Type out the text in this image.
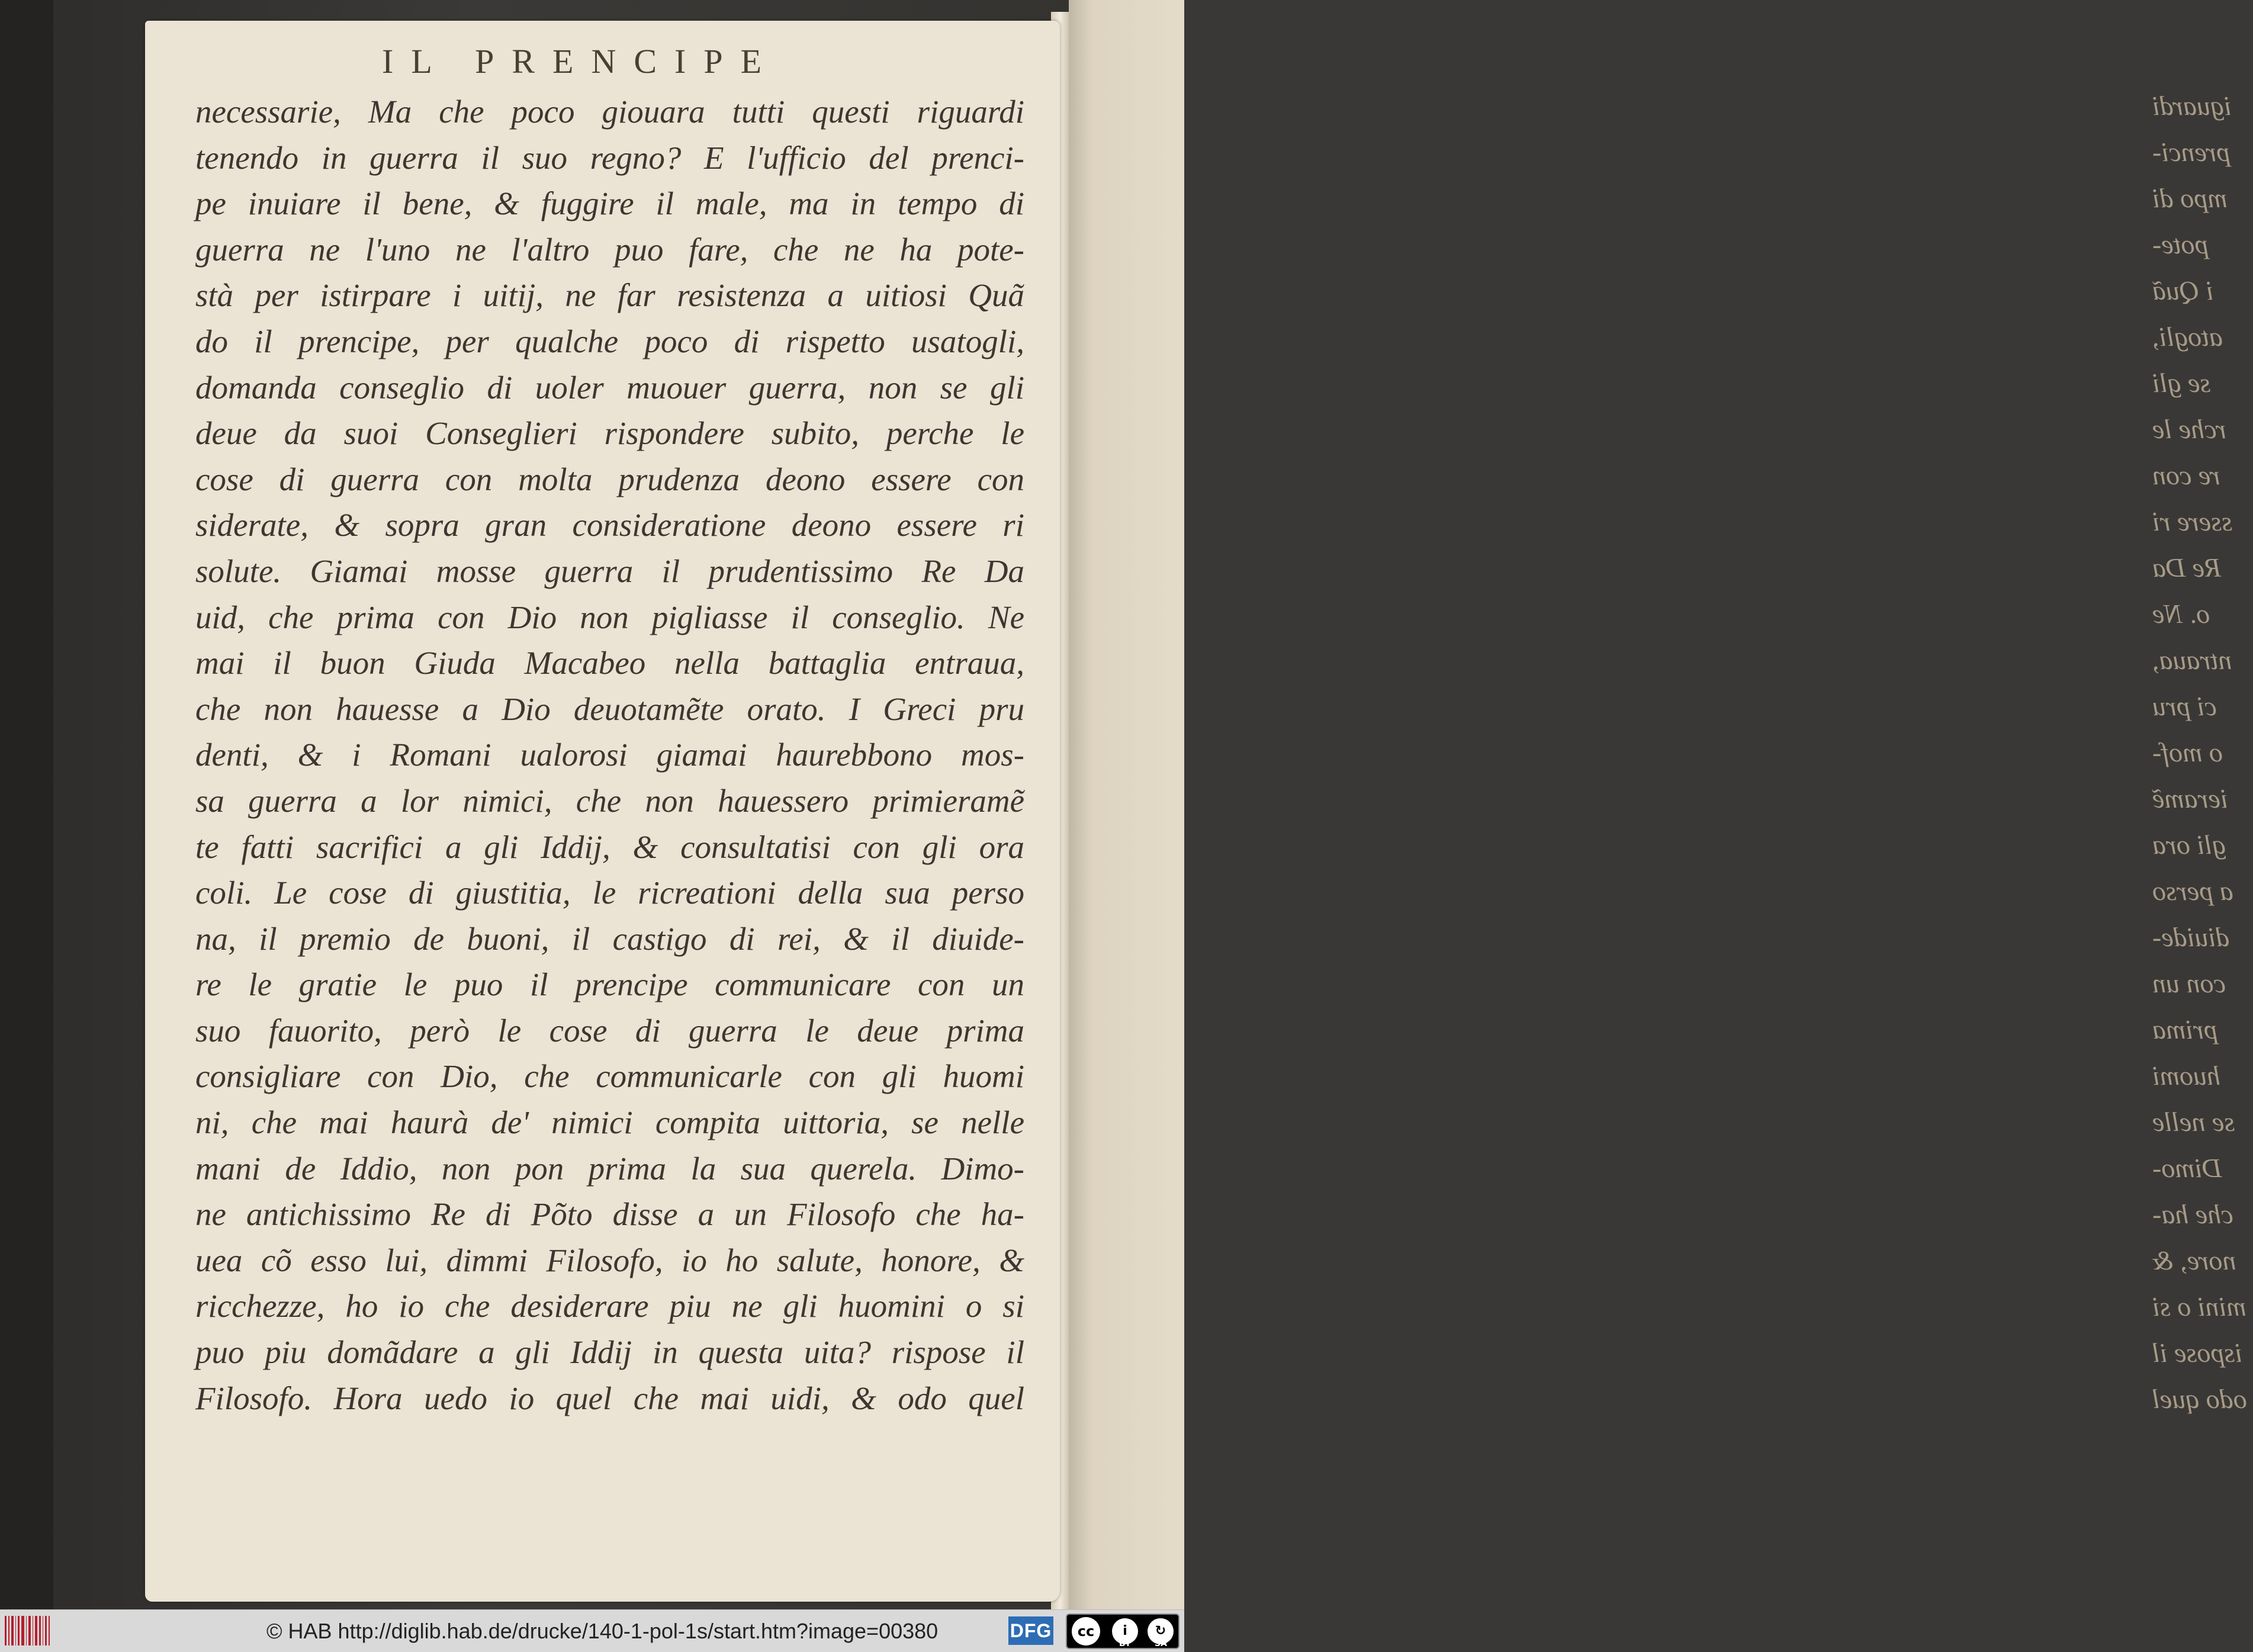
iguardi
prenci-
mpo di
pote-
i Quã
atogli,
se gli
rche le
re con
ssere ri
Re Da
o. Ne
ntraua,
ci pru
o mof-
ieramẽ
gli ora
a perso
diuide-
con un
prima
huomi
se nelle
Dimo-
che ha-
nore, &
mini o si
ispose il
odo quel
IL PRENCIPE
necessarie, Ma che poco giouara tutti questi riguardi
tenendo in guerra il suo regno? E l'ufficio del prenci-
pe inuiare il bene, & fuggire il male, ma in tempo di
guerra ne l'uno ne l'altro puo fare, che ne ha pote-
stà per istirpare i uitij, ne far resistenza a uitiosi Quã
do il prencipe, per qualche poco di rispetto usatogli,
domanda conseglio di uoler muouer guerra, non se gli
deue da suoi Conseglieri rispondere subito, perche le
cose di guerra con molta prudenza deono essere con
siderate, & sopra gran consideratione deono essere ri
solute. Giamai mosse guerra il prudentissimo Re Da
uid, che prima con Dio non pigliasse il conseglio. Ne
mai il buon Giuda Macabeo nella battaglia entraua,
che non hauesse a Dio deuotamẽte orato. I Greci pru
denti, & i Romani ualorosi giamai haurebbono mos-
sa guerra a lor nimici, che non hauessero primieramẽ
te fatti sacrifici a gli Iddij, & consultatisi con gli ora
coli. Le cose di giustitia, le ricreationi della sua perso
na, il premio de buoni, il castigo di rei, & il diuide-
re le gratie le puo il prencipe communicare con un
suo fauorito, però le cose di guerra le deue prima
consigliare con Dio, che communicarle con gli huomi
ni, che mai haurà de' nimici compita uittoria, se nelle
mani de Iddio, non pon prima la sua querela. Dimo-
ne antichissimo Re di Põto disse a un Filosofo che ha-
uea cõ esso lui, dimmi Filosofo, io ho salute, honore, &
ricchezze, ho io che desiderare piu ne gli huomini o si
puo piu domãdare a gli Iddij in questa uita? rispose il
Filosofo. Hora uedo io quel che mai uidi, & odo quel
© HAB http://diglib.hab.de/drucke/140-1-pol-1s/start.htm?image=00380	DFG	cc	i	↻
BY	SA
